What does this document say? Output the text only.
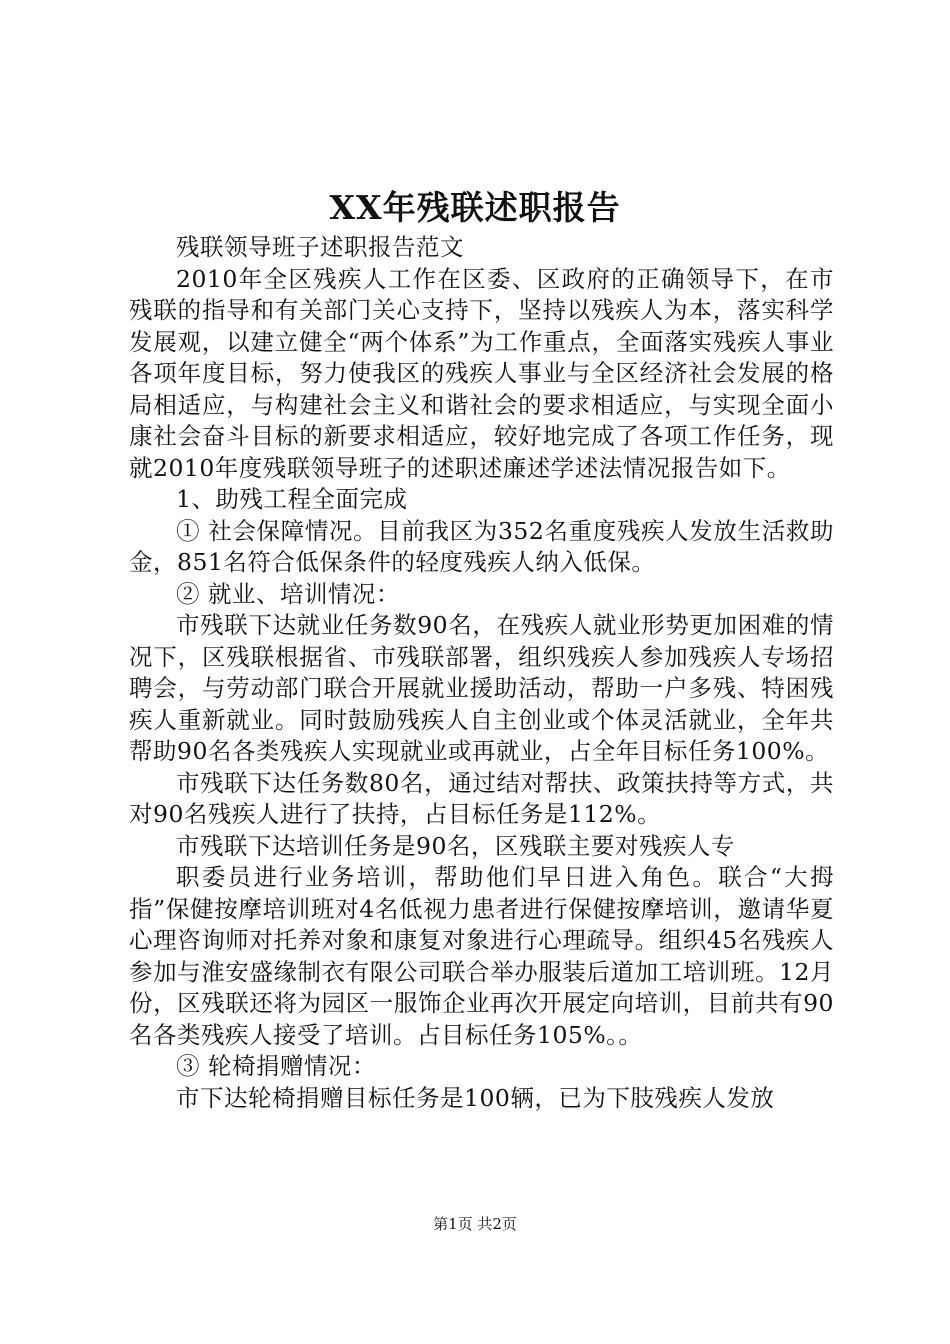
XX年残联述职报告

残联领导班子述职报告范文

2010年全区残疾人工作在区委、区政府的正确领导下，在市残联的指导和有关部门关心支持下，坚持以残疾人为本，落实科学发展观，以建立健全“两个体系”为工作重点，全面落实残疾人事业各项年度目标，努力使我区的残疾人事业与全区经济社会发展的格局相适应，与构建社会主义和谐社会的要求相适应，与实现全面小康社会奋斗目标的新要求相适应，较好地完成了各项工作任务，现就2010年度残联领导班子的述职述廉述学述法情况报告如下。

1、助残工程全面完成

① 社会保障情况。目前我区为352名重度残疾人发放生活救助金，851名符合低保条件的轻度残疾人纳入低保。

② 就业、培训情况：

市残联下达就业任务数90名，在残疾人就业形势更加困难的情况下，区残联根据省、市残联部署，组织残疾人参加残疾人专场招聘会，与劳动部门联合开展就业援助活动，帮助一户多残、特困残疾人重新就业。同时鼓励残疾人自主创业或个体灵活就业，全年共帮助90名各类残疾人实现就业或再就业，占全年目标任务100%。

市残联下达任务数80名，通过结对帮扶、政策扶持等方式，共对90名残疾人进行了扶持，占目标任务是112%。

市残联下达培训任务是90名，区残联主要对残疾人专

职委员进行业务培训，帮助他们早日进入角色。联合“大拇指”保健按摩培训班对4名低视力患者进行保健按摩培训，邀请华夏心理咨询师对托养对象和康复对象进行心理疏导。组织45名残疾人参加与淮安盛缘制衣有限公司联合举办服装后道加工培训班。12月份，区残联还将为园区一服饰企业再次开展定向培训，目前共有90名各类残疾人接受了培训。占目标任务105%。。

③ 轮椅捐赠情况：

市下达轮椅捐赠目标任务是100辆，已为下肢残疾人发放

第1页 共2页
